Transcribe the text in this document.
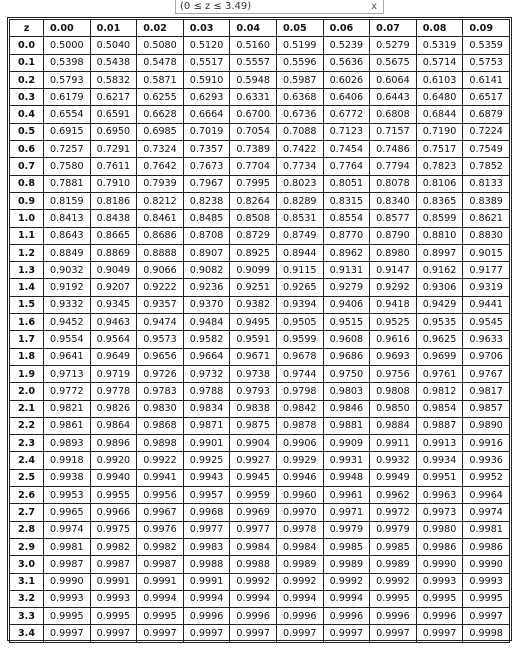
(0 ≤ z ≤ 3.49)	x
z	0.00	0.01	0.02	0.03	0.04	0.05	0.06	0.07	0.08	0.09
0.0	0.5000	0.5040	0.5080	0.5120	0.5160	0.5199	0.5239	0.5279	0.5319	0.5359
0.1	0.5398	0.5438	0.5478	0.5517	0.5557	0.5596	0.5636	0.5675	0.5714	0.5753
0.2	0.5793	0.5832	0.5871	0.5910	0.5948	0.5987	0.6026	0.6064	0.6103	0.6141
0.3	0.6179	0.6217	0.6255	0.6293	0.6331	0.6368	0.6406	0.6443	0.6480	0.6517
0.4	0.6554	0.6591	0.6628	0.6664	0.6700	0.6736	0.6772	0.6808	0.6844	0.6879
0.5	0.6915	0.6950	0.6985	0.7019	0.7054	0.7088	0.7123	0.7157	0.7190	0.7224
0.6	0.7257	0.7291	0.7324	0.7357	0.7389	0.7422	0.7454	0.7486	0.7517	0.7549
0.7	0.7580	0.7611	0.7642	0.7673	0.7704	0.7734	0.7764	0.7794	0.7823	0.7852
0.8	0.7881	0.7910	0.7939	0.7967	0.7995	0.8023	0.8051	0.8078	0.8106	0.8133
0.9	0.8159	0.8186	0.8212	0.8238	0.8264	0.8289	0.8315	0.8340	0.8365	0.8389
1.0	0.8413	0.8438	0.8461	0.8485	0.8508	0.8531	0.8554	0.8577	0.8599	0.8621
1.1	0.8643	0.8665	0.8686	0.8708	0.8729	0.8749	0.8770	0.8790	0.8810	0.8830
1.2	0.8849	0.8869	0.8888	0.8907	0.8925	0.8944	0.8962	0.8980	0.8997	0.9015
1.3	0.9032	0.9049	0.9066	0.9082	0.9099	0.9115	0.9131	0.9147	0.9162	0.9177
1.4	0.9192	0.9207	0.9222	0.9236	0.9251	0.9265	0.9279	0.9292	0.9306	0.9319
1.5	0.9332	0.9345	0.9357	0.9370	0.9382	0.9394	0.9406	0.9418	0.9429	0.9441
1.6	0.9452	0.9463	0.9474	0.9484	0.9495	0.9505	0.9515	0.9525	0.9535	0.9545
1.7	0.9554	0.9564	0.9573	0.9582	0.9591	0.9599	0.9608	0.9616	0.9625	0.9633
1.8	0.9641	0.9649	0.9656	0.9664	0.9671	0.9678	0.9686	0.9693	0.9699	0.9706
1.9	0.9713	0.9719	0.9726	0.9732	0.9738	0.9744	0.9750	0.9756	0.9761	0.9767
2.0	0.9772	0.9778	0.9783	0.9788	0.9793	0.9798	0.9803	0.9808	0.9812	0.9817
2.1	0.9821	0.9826	0.9830	0.9834	0.9838	0.9842	0.9846	0.9850	0.9854	0.9857
2.2	0.9861	0.9864	0.9868	0.9871	0.9875	0.9878	0.9881	0.9884	0.9887	0.9890
2.3	0.9893	0.9896	0.9898	0.9901	0.9904	0.9906	0.9909	0.9911	0.9913	0.9916
2.4	0.9918	0.9920	0.9922	0.9925	0.9927	0.9929	0.9931	0.9932	0.9934	0.9936
2.5	0.9938	0.9940	0.9941	0.9943	0.9945	0.9946	0.9948	0.9949	0.9951	0.9952
2.6	0.9953	0.9955	0.9956	0.9957	0.9959	0.9960	0.9961	0.9962	0.9963	0.9964
2.7	0.9965	0.9966	0.9967	0.9968	0.9969	0.9970	0.9971	0.9972	0.9973	0.9974
2.8	0.9974	0.9975	0.9976	0.9977	0.9977	0.9978	0.9979	0.9979	0.9980	0.9981
2.9	0.9981	0.9982	0.9982	0.9983	0.9984	0.9984	0.9985	0.9985	0.9986	0.9986
3.0	0.9987	0.9987	0.9987	0.9988	0.9988	0.9989	0.9989	0.9989	0.9990	0.9990
3.1	0.9990	0.9991	0.9991	0.9991	0.9992	0.9992	0.9992	0.9992	0.9993	0.9993
3.2	0.9993	0.9993	0.9994	0.9994	0.9994	0.9994	0.9994	0.9995	0.9995	0.9995
3.3	0.9995	0.9995	0.9995	0.9996	0.9996	0.9996	0.9996	0.9996	0.9996	0.9997
3.4	0.9997	0.9997	0.9997	0.9997	0.9997	0.9997	0.9997	0.9997	0.9997	0.9998
